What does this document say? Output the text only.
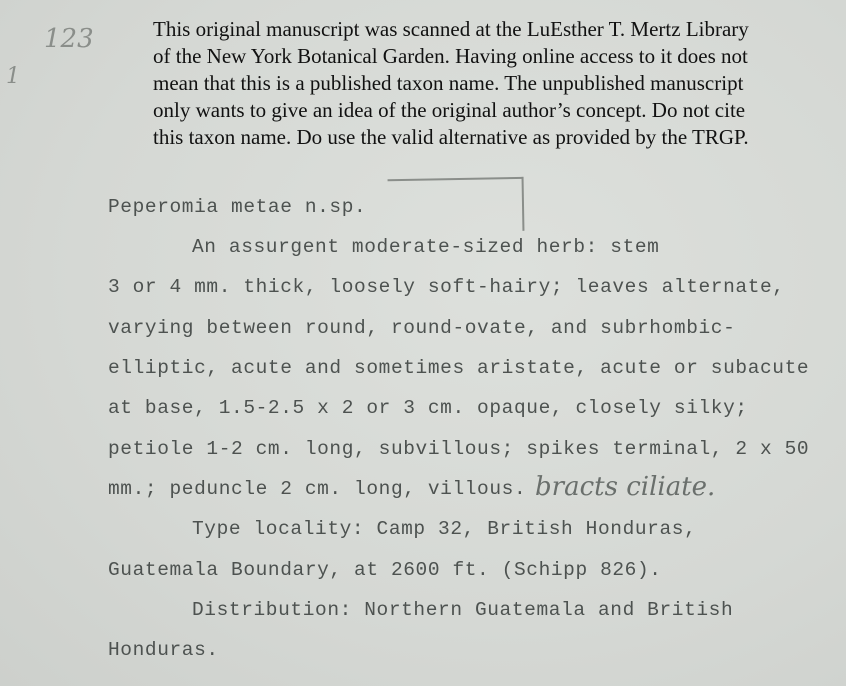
1
123	This original manuscript was scanned at the LuEsther T. Mertz Library
of the New York Botanical Garden. Having online access to it does not
mean that this is a published taxon name. The unpublished manuscript
only wants to give an idea of the original author’s concept. Do not cite
this taxon name. Do use the valid alternative as provided by the TRGP.
Peperomia metae n.sp.
An assurgent moderate-sized herb: stem
3 or 4 mm. thick, loosely soft-hairy; leaves alternate,
varying between round, round-ovate, and subrhombic-
elliptic, acute and sometimes aristate, acute or subacute
at base, 1.5-2.5 x 2 or 3 cm. opaque, closely silky;
petiole 1-2 cm. long, subvillous; spikes terminal, 2 x 50
mm.; peduncle 2 cm. long, villous.
Type locality: Camp 32, British Honduras,
Guatemala Boundary, at 2600 ft. (Schipp 826).
Distribution: Northern Guatemala and British
Honduras.
bracts ciliate.
